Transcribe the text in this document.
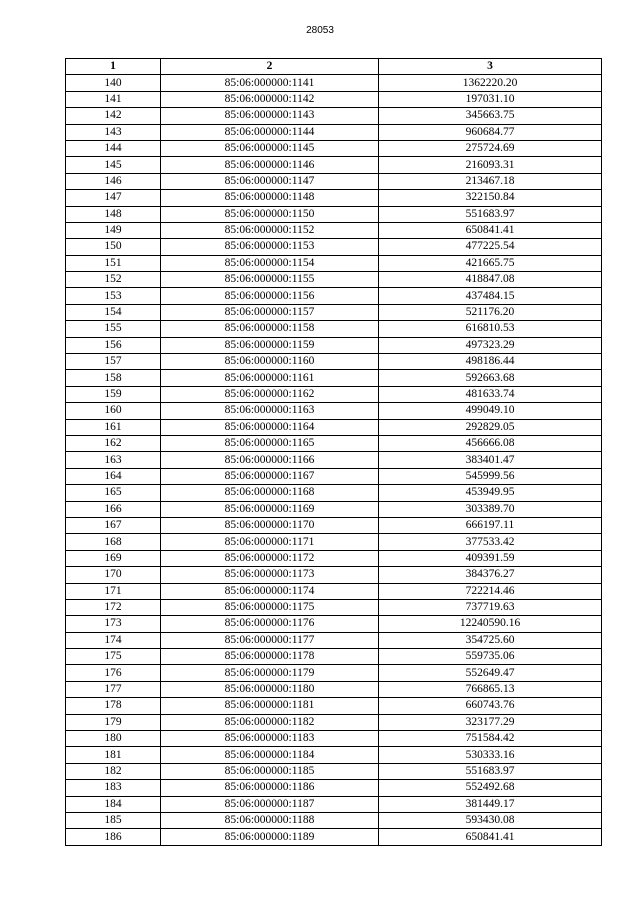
28053
1	2	3
140	85:06:000000:1141	1362220.20
141	85:06:000000:1142	197031.10
142	85:06:000000:1143	345663.75
143	85:06:000000:1144	960684.77
144	85:06:000000:1145	275724.69
145	85:06:000000:1146	216093.31
146	85:06:000000:1147	213467.18
147	85:06:000000:1148	322150.84
148	85:06:000000:1150	551683.97
149	85:06:000000:1152	650841.41
150	85:06:000000:1153	477225.54
151	85:06:000000:1154	421665.75
152	85:06:000000:1155	418847.08
153	85:06:000000:1156	437484.15
154	85:06:000000:1157	521176.20
155	85:06:000000:1158	616810.53
156	85:06:000000:1159	497323.29
157	85:06:000000:1160	498186.44
158	85:06:000000:1161	592663.68
159	85:06:000000:1162	481633.74
160	85:06:000000:1163	499049.10
161	85:06:000000:1164	292829.05
162	85:06:000000:1165	456666.08
163	85:06:000000:1166	383401.47
164	85:06:000000:1167	545999.56
165	85:06:000000:1168	453949.95
166	85:06:000000:1169	303389.70
167	85:06:000000:1170	666197.11
168	85:06:000000:1171	377533.42
169	85:06:000000:1172	409391.59
170	85:06:000000:1173	384376.27
171	85:06:000000:1174	722214.46
172	85:06:000000:1175	737719.63
173	85:06:000000:1176	12240590.16
174	85:06:000000:1177	354725.60
175	85:06:000000:1178	559735.06
176	85:06:000000:1179	552649.47
177	85:06:000000:1180	766865.13
178	85:06:000000:1181	660743.76
179	85:06:000000:1182	323177.29
180	85:06:000000:1183	751584.42
181	85:06:000000:1184	530333.16
182	85:06:000000:1185	551683.97
183	85:06:000000:1186	552492.68
184	85:06:000000:1187	381449.17
185	85:06:000000:1188	593430.08
186	85:06:000000:1189	650841.41
